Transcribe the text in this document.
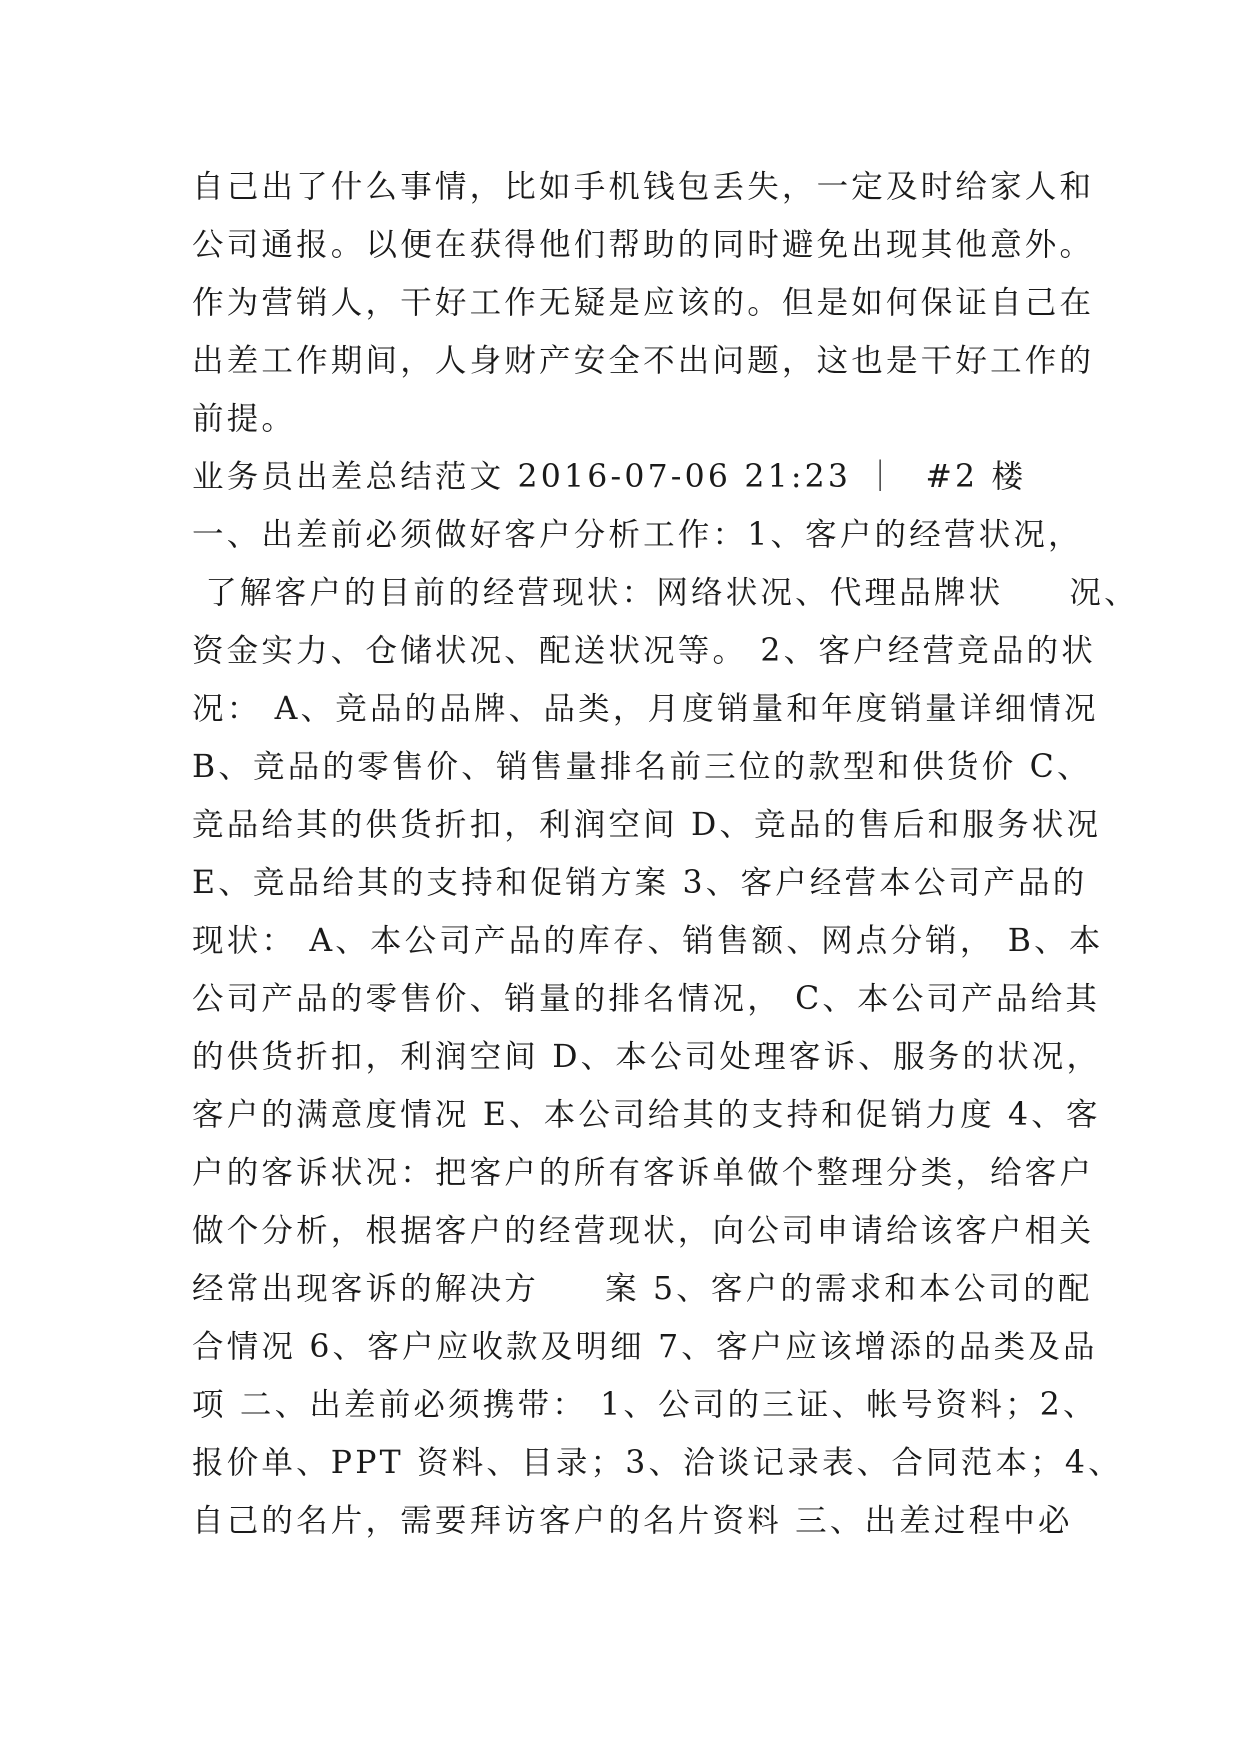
自己出了什么事情，比如手机钱包丢失，一定及时给家人和
公司通报。以便在获得他们帮助的同时避免出现其他意外。
作为营销人，干好工作无疑是应该的。但是如何保证自己在
出差工作期间，人身财产安全不出问题，这也是干好工作的
前提。
业务员出差总结范文 2016-07-06 21:23 ｜  #2 楼
一、出差前必须做好客户分析工作：1、客户的经营状况，
了解客户的目前的经营现状：网络状况、代理品牌状     况、
资金实力、仓储状况、配送状况等。 2、客户经营竞品的状
况： A、竞品的品牌、品类，月度销量和年度销量详细情况
B、竞品的零售价、销售量排名前三位的款型和供货价 C、
竞品给其的供货折扣，利润空间 D、竞品的售后和服务状况
E、竞品给其的支持和促销方案 3、客户经营本公司产品的
现状： A、本公司产品的库存、销售额、网点分销， B、本
公司产品的零售价、销量的排名情况， C、本公司产品给其
的供货折扣，利润空间 D、本公司处理客诉、服务的状况，
客户的满意度情况 E、本公司给其的支持和促销力度 4、客
户的客诉状况：把客户的所有客诉单做个整理分类，给客户
做个分析，根据客户的经营现状，向公司申请给该客户相关
经常出现客诉的解决方     案 5、客户的需求和本公司的配
合情况 6、客户应收款及明细 7、客户应该增添的品类及品
项 二、出差前必须携带： 1、公司的三证、帐号资料；2、
报价单、PPT 资料、目录；3、洽谈记录表、合同范本；4、
自己的名片，需要拜访客户的名片资料 三、出差过程中必
